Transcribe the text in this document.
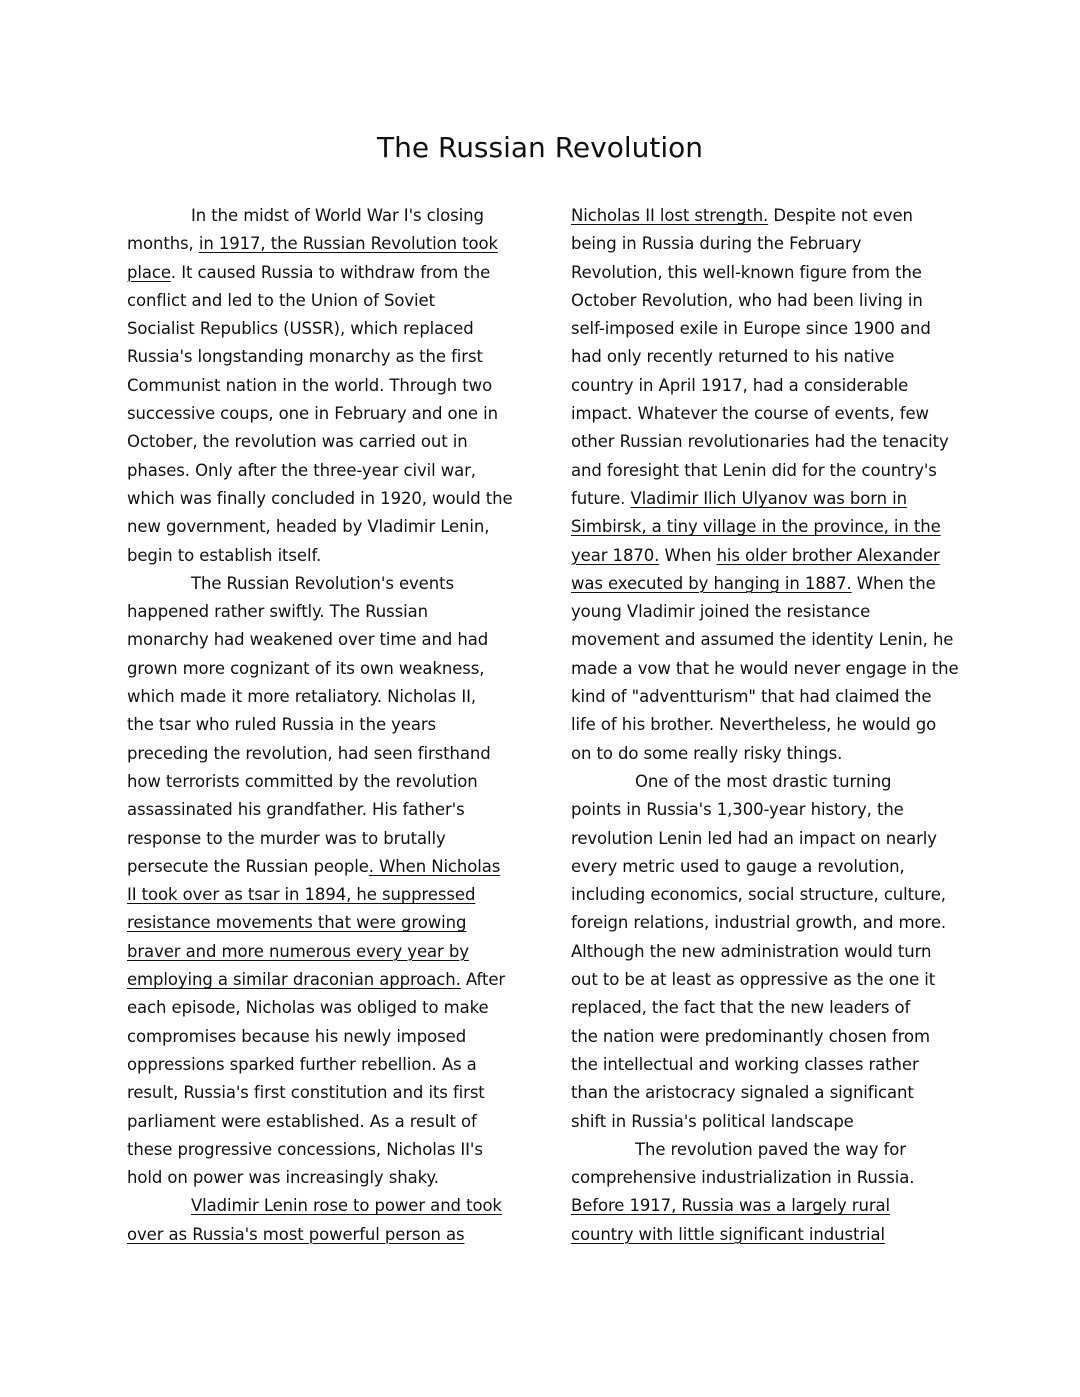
The Russian Revolution
In the midst of World War I's closing
months, in 1917, the Russian Revolution took
place. It caused Russia to withdraw from the
conflict and led to the Union of Soviet
Socialist Republics (USSR), which replaced
Russia's longstanding monarchy as the first
Communist nation in the world. Through two
successive coups, one in February and one in
October, the revolution was carried out in
phases. Only after the three-year civil war,
which was finally concluded in 1920, would the
new government, headed by Vladimir Lenin,
begin to establish itself.
The Russian Revolution's events
happened rather swiftly. The Russian
monarchy had weakened over time and had
grown more cognizant of its own weakness,
which made it more retaliatory. Nicholas II,
the tsar who ruled Russia in the years
preceding the revolution, had seen firsthand
how terrorists committed by the revolution
assassinated his grandfather. His father's
response to the murder was to brutally
persecute the Russian people. When Nicholas
II took over as tsar in 1894, he suppressed
resistance movements that were growing
braver and more numerous every year by
employing a similar draconian approach. After
each episode, Nicholas was obliged to make
compromises because his newly imposed
oppressions sparked further rebellion. As a
result, Russia's first constitution and its first
parliament were established. As a result of
these progressive concessions, Nicholas II's
hold on power was increasingly shaky.
Vladimir Lenin rose to power and took
over as Russia's most powerful person as
Nicholas II lost strength. Despite not even
being in Russia during the February
Revolution, this well-known figure from the
October Revolution, who had been living in
self-imposed exile in Europe since 1900 and
had only recently returned to his native
country in April 1917, had a considerable
impact. Whatever the course of events, few
other Russian revolutionaries had the tenacity
and foresight that Lenin did for the country's
future. Vladimir Ilich Ulyanov was born in
Simbirsk, a tiny village in the province, in the
year 1870. When his older brother Alexander
was executed by hanging in 1887. When the
young Vladimir joined the resistance
movement and assumed the identity Lenin, he
made a vow that he would never engage in the
kind of "adventturism" that had claimed the
life of his brother. Nevertheless, he would go
on to do some really risky things.
One of the most drastic turning
points in Russia's 1,300-year history, the
revolution Lenin led had an impact on nearly
every metric used to gauge a revolution,
including economics, social structure, culture,
foreign relations, industrial growth, and more.
Although the new administration would turn
out to be at least as oppressive as the one it
replaced, the fact that the new leaders of
the nation were predominantly chosen from
the intellectual and working classes rather
than the aristocracy signaled a significant
shift in Russia's political landscape
The revolution paved the way for
comprehensive industrialization in Russia.
Before 1917, Russia was a largely rural
country with little significant industrial
